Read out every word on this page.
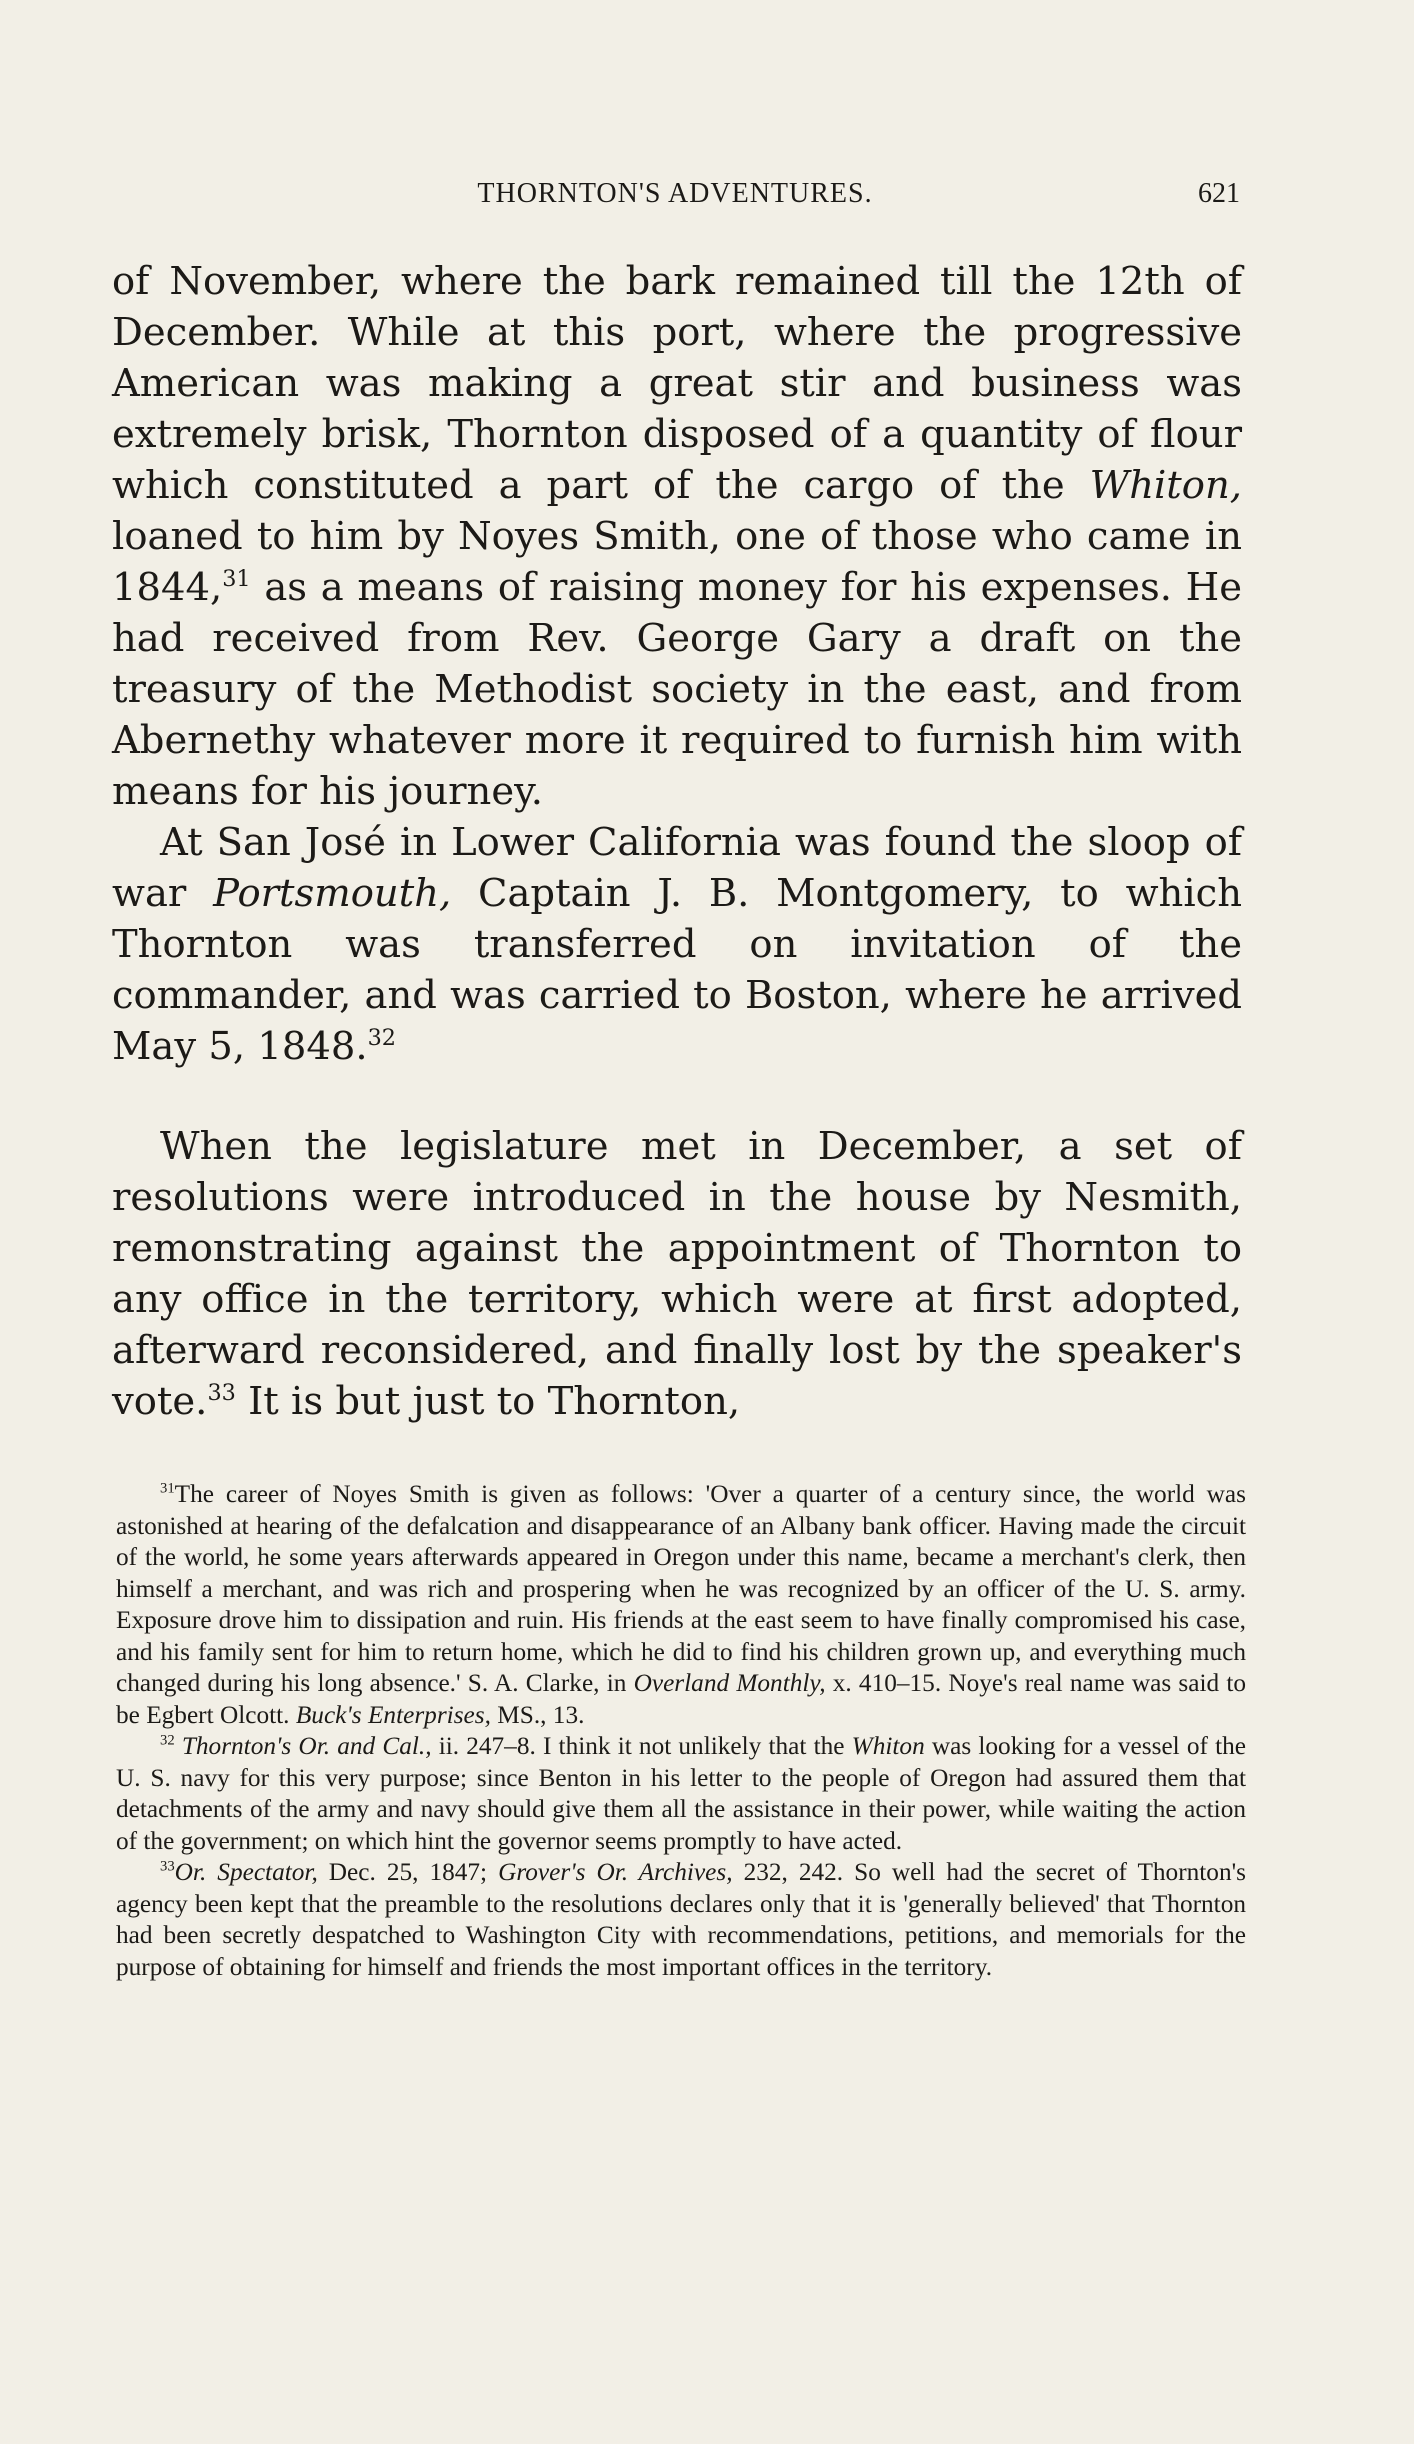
THORNTON'S ADVENTURES.	621

of November, where the bark remained till the 12th of December. While at this port, where the progressive American was making a great stir and business was extremely brisk, Thornton disposed of a quantity of flour which constituted a part of the cargo of the Whiton, loaned to him by Noyes Smith, one of those who came in 1844,31 as a means of raising money for his expenses. He had received from Rev. George Gary a draft on the treasury of the Methodist society in the east, and from Abernethy whatever more it required to furnish him with means for his journey.

At San José in Lower California was found the sloop of war Portsmouth, Captain J. B. Montgomery, to which Thornton was transferred on invitation of the commander, and was carried to Boston, where he arrived May 5, 1848.32

When the legislature met in December, a set of resolutions were introduced in the house by Nesmith, remonstrating against the appointment of Thornton to any office in the territory, which were at first adopted, afterward reconsidered, and finally lost by the speaker's vote.$^{33}$ It is but just to Thornton,

$^{31}$The career of Noyes Smith is given as follows: 'Over a quarter of a century since, the world was astonished at hearing of the defalcation and disappearance of an Albany bank officer. Having made the circuit of the world, he some years afterwards appeared in Oregon under this name, became a merchant's clerk, then himself a merchant, and was rich and prospering when he was recognized by an officer of the U. S. army. Exposure drove him to dissipation and ruin. His friends at the east seem to have finally compromised his case, and his family sent for him to return home, which he did to find his children grown up, and everything much changed during his long absence.' S. A. Clarke, in Overland Monthly, x. 410–15. Noye's real name was said to be Egbert Olcott. Buck's Enterprises, MS., 13.

$^{32}$ Thornton's Or. and Cal., ii. 247–8. I think it not unlikely that the Whiton was looking for a vessel of the U. S. navy for this very purpose; since Benton in his letter to the people of Oregon had assured them that detachments of the army and navy should give them all the assistance in their power, while waiting the action of the government; on which hint the governor seems promptly to have acted.

$^{33}$Or. Spectator, Dec. 25, 1847; Grover's Or. Archives, 232, 242. So well had the secret of Thornton's agency been kept that the preamble to the resolutions declares only that it is 'generally believed' that Thornton had been secretly despatched to Washington City with recommendations, petitions, and memorials for the purpose of obtaining for himself and friends the most important offices in the territory.
